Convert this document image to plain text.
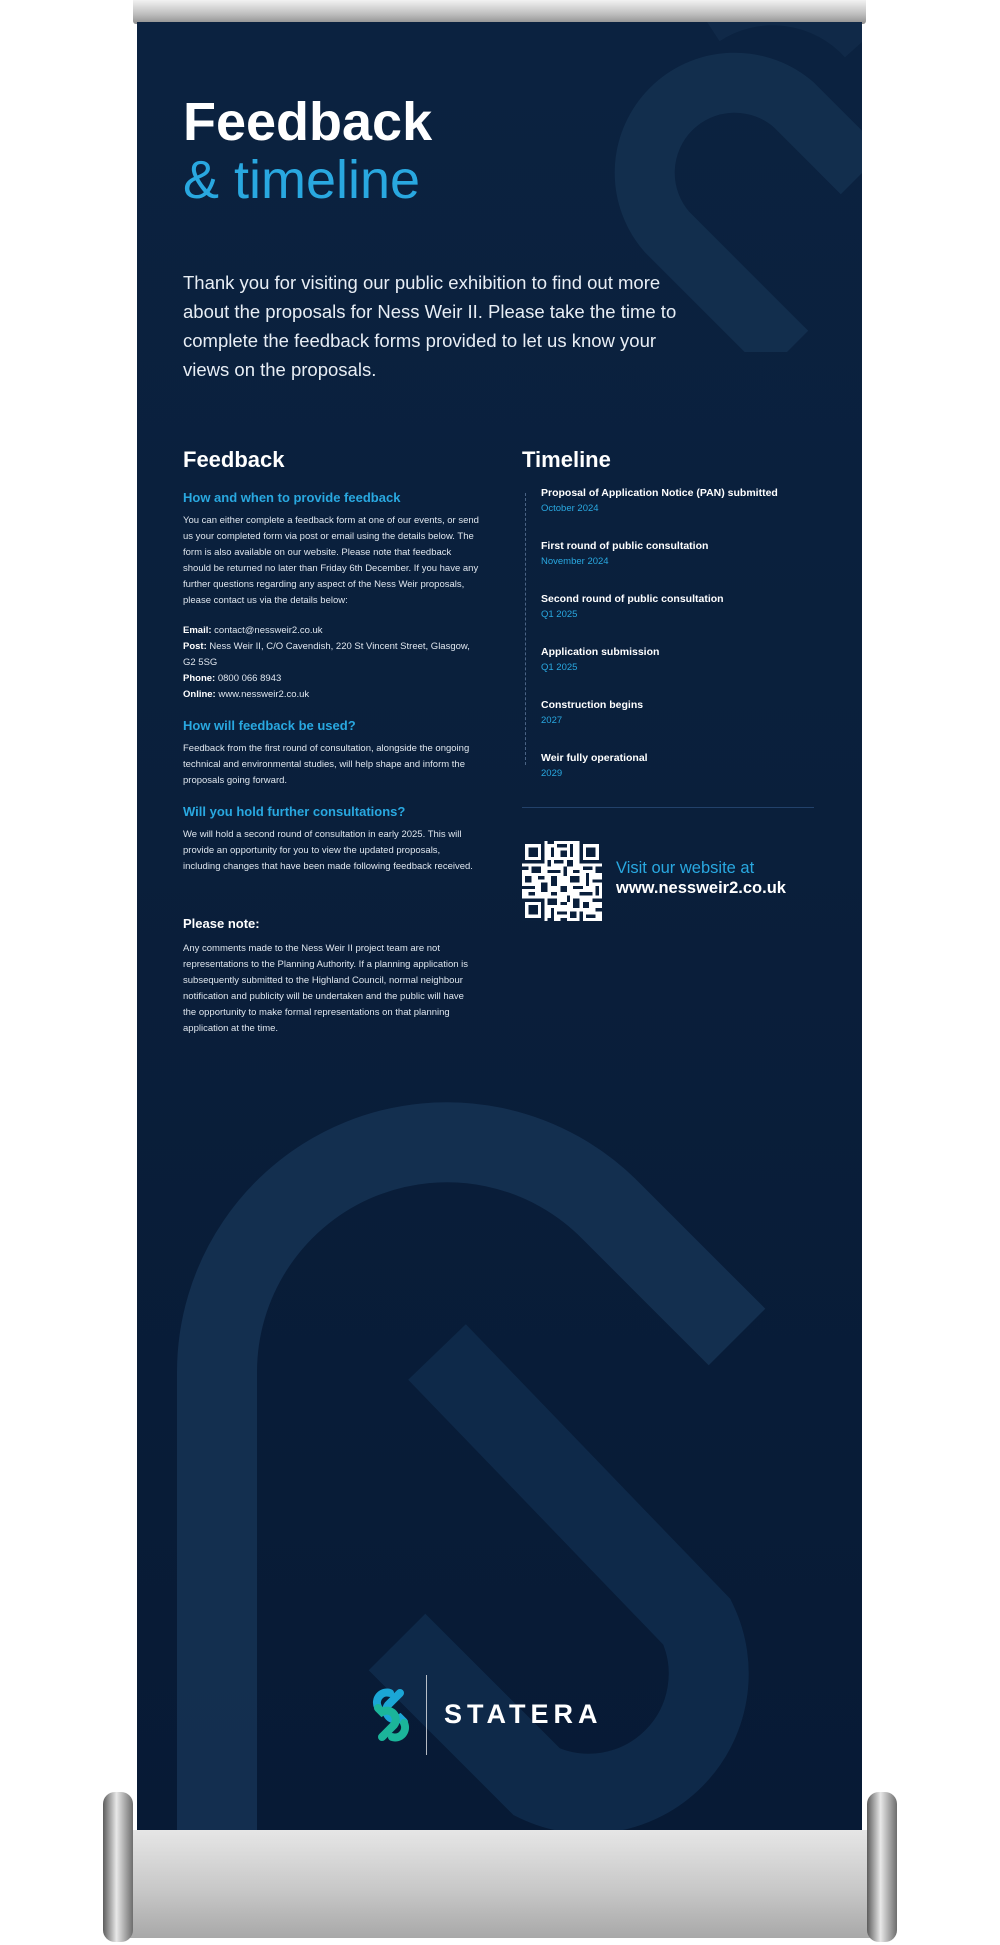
Feedback
& timeline
Thank you for visiting our public exhibition to find out more about the proposals for Ness Weir II. Please take the time to complete the feedback forms provided to let us know your views on the proposals.
Feedback
How and when to provide feedback

You can either complete a feedback form at one of our events, or send us your completed form via post or email using the details below. The form is also available on our website. Please note that feedback should be returned no later than Friday 6th December. If you have any further questions regarding any aspect of the Ness Weir proposals, please contact us via the details below:

Email: contact@nessweir2.co.uk
Post: Ness Weir II, C/O Cavendish, 220 St Vincent Street, Glasgow, G2 5SG
Phone: 0800 066 8943
Online: www.nessweir2.co.uk
How will feedback be used?

Feedback from the first round of consultation, alongside the ongoing technical and environmental studies, will help shape and inform the proposals going forward.

Will you hold further consultations?

We will hold a second round of consultation in early 2025. This will provide an opportunity for you to view the updated proposals, including changes that have been made following feedback received.

Please note:

Any comments made to the Ness Weir II project team are not representations to the Planning Authority. If a planning application is subsequently submitted to the Highland Council, normal neighbour notification and publicity will be undertaken and the public will have the opportunity to make formal representations on that planning application at the time.

Timeline
Proposal of Application Notice (PAN) submitted
October 2024
First round of public consultation
November 2024
Second round of public consultation
Q1 2025
Application submission
Q1 2025
Construction begins
2027
Weir fully operational
2029
Visit our website at
www.nessweir2.co.uk
STATERA
